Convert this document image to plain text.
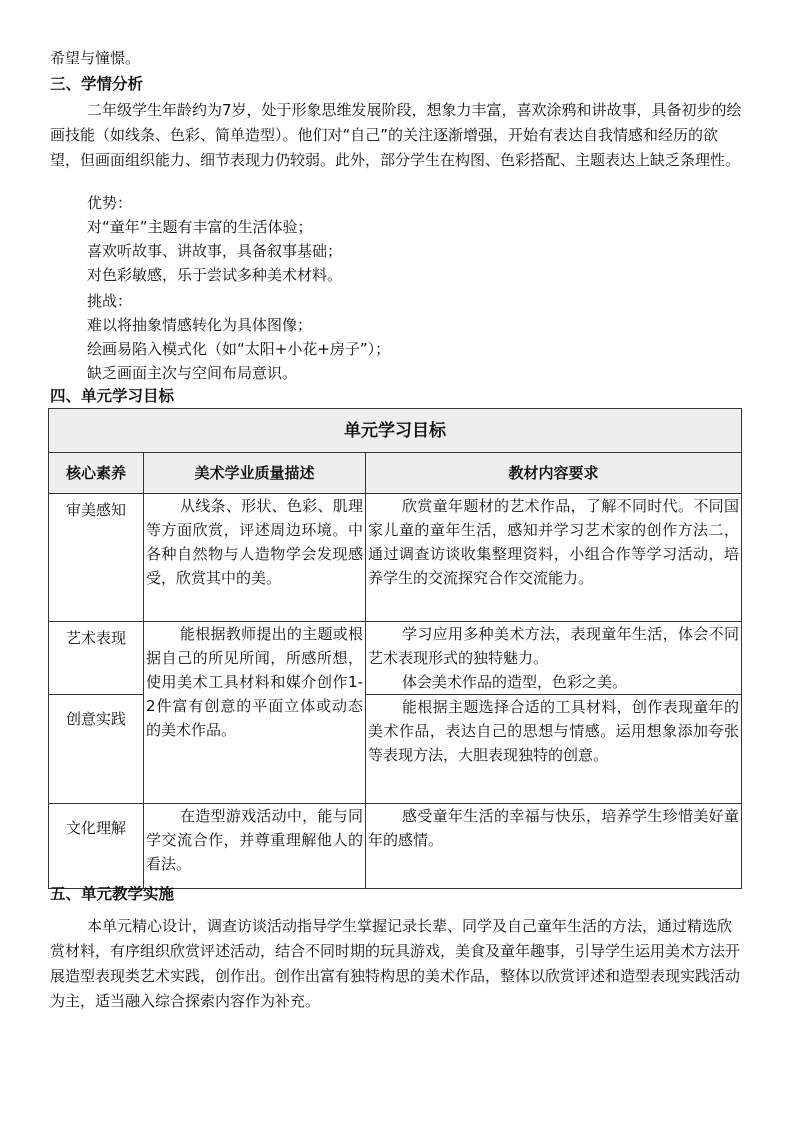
希望与憧憬。
三、学情分析
二年级学生年龄约为7岁，处于形象思维发展阶段，想象力丰富，喜欢涂鸦和讲故事，具备初步的绘画技能（如线条、色彩、简单造型）。他们对“自己”的关注逐渐增强，开始有表达自我情感和经历的欲望，但画面组织能力、细节表现力仍较弱。此外，部分学生在构图、色彩搭配、主题表达上缺乏条理性。
优势：
对“童年”主题有丰富的生活体验；
喜欢听故事、讲故事，具备叙事基础；
对色彩敏感，乐于尝试多种美术材料。
挑战：
难以将抽象情感转化为具体图像；
绘画易陷入模式化（如“太阳+小花+房子”）；
缺乏画面主次与空间布局意识。
四、单元学习目标
单元学习目标		
核心素养	美术学业质量描述	教材内容要求
审美感知	从线条、形状、色彩、肌理等方面欣赏，评述周边环境。中各种自然物与人造物学会发现感受，欣赏其中的美。	欣赏童年题材的艺术作品，了解不同时代。不同国家儿童的童年生活，感知并学习艺术家的创作方法二，通过调查访谈收集整理资料，小组合作等学习活动，培养学生的交流探究合作交流能力。
艺术表现	能根据教师提出的主题或根据自己的所见所闻，所感所想，使用美术工具材料和媒介创作1-2件富有创意的平面立体或动态的美术作品。	学习应用多种美术方法，表现童年生活，体会不同艺术表现形式的独特魅力。
体会美术作品的造型，色彩之美。

创意实践		能根据主题选择合适的工具材料，创作表现童年的美术作品，表达自己的思想与情感。运用想象添加夸张等表现方法，大胆表现独特的创意。
文化理解	在造型游戏活动中，能与同学交流合作，并尊重理解他人的看法。	感受童年生活的幸福与快乐，培养学生珍惜美好童年的感情。
五、单元教学实施
本单元精心设计，调查访谈活动指导学生掌握记录长辈、同学及自己童年生活的方法，通过精选欣赏材料，有序组织欣赏评述活动，结合不同时期的玩具游戏，美食及童年趣事，引导学生运用美术方法开展造型表现类艺术实践，创作出。创作出富有独特构思的美术作品，整体以欣赏评述和造型表现实践活动为主，适当融入综合探索内容作为补充。
